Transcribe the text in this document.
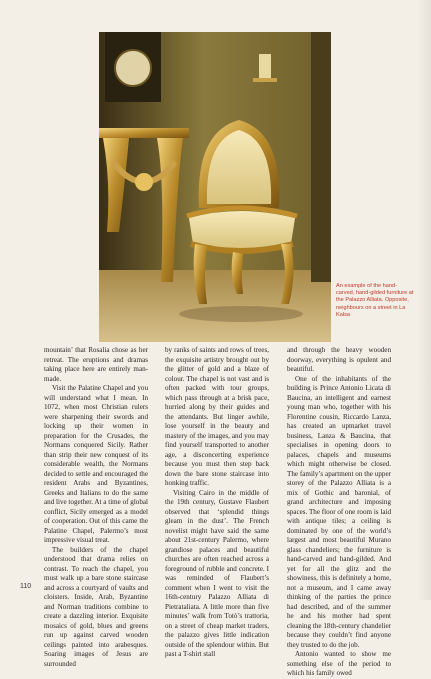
An example of the hand-carved, hand-gilded furniture at the Palazzo Alliata. Opposite, neighbours on a street in La Kalsa

mountain’ that Rosalia chose as her retreat. The eruptions and dramas taking place here are entirely man-made.

Visit the Palatine Chapel and you will understand what I mean. In 1072, when most Christian rulers were sharpening their swords and locking up their women in preparation for the Crusades, the Normans conquered Sicily. Rather than strip their new conquest of its considerable wealth, the Normans decided to settle and encouraged the resident Arabs and Byzantines, Greeks and Italians to do the same and live together. At a time of global conflict, Sicily emerged as a model of cooperation. Out of this came the Palatine Chapel, Palermo’s most impressive visual treat.

The builders of the chapel understood that drama relies on contrast. To reach the chapel, you must walk up a bare stone staircase and across a courtyard of vaults and cloisters. Inside, Arab, Byzantine and Norman traditions combine to create a dazzling interior. Exquisite mosaics of gold, blues and greens run up against carved wooden ceilings painted into arabesques. Soaring images of Jesus are surrounded

by ranks of saints and rows of trees, the exquisite artistry brought out by the glitter of gold and a blaze of colour. The chapel is not vast and is often packed with tour groups, which pass through at a brisk pace, hurried along by their guides and the attendants. But linger awhile, lose yourself in the beauty and mastery of the images, and you may find yourself transported to another age, a disconcerting experience because you must then step back down the bare stone staircase into honking traffic.

Visiting Cairo in the middle of the 19th century, Gustave Flaubert observed that ‘splendid things gleam in the dust’. The French novelist might have said the same about 21st-century Palermo, where grandiose palaces and beautiful churches are often reached across a foreground of rubble and concrete. I was reminded of Flaubert’s comment when I went to visit the 16th-century Palazzo Alliata di Pietrataliata. A little more than five minutes’ walk from Totò’s trattoria, on a street of cheap market traders, the palazzo gives little indication outside of the splendour within. But past a T-shirt stall

and through the heavy wooden doorway, everything is opulent and beautiful.

One of the inhabitants of the building is Prince Antonio Licata di Baucina, an intelligent and earnest young man who, together with his Florentine cousin, Riccardo Lanza, has created an upmarket travel business, Lanza & Baucina, that specialises in opening doors to palaces, chapels and museums which might otherwise be closed. The family’s apartment on the upper storey of the Palazzo Alliata is a mix of Gothic and baronial, of grand architecture and imposing spaces. The floor of one room is laid with antique tiles; a ceiling is dominated by one of the world’s largest and most beautiful Murano glass chandeliers; the furniture is hand-carved and hand-gilded. And yet for all the glitz and the showiness, this is definitely a home, not a museum, and I came away thinking of the parties the prince had described, and of the summer he and his mother had spent cleaning the 18th-century chandelier because they couldn’t find anyone they trusted to do the job.

Antonio wanted to show me something else of the period to which his family owed

110
